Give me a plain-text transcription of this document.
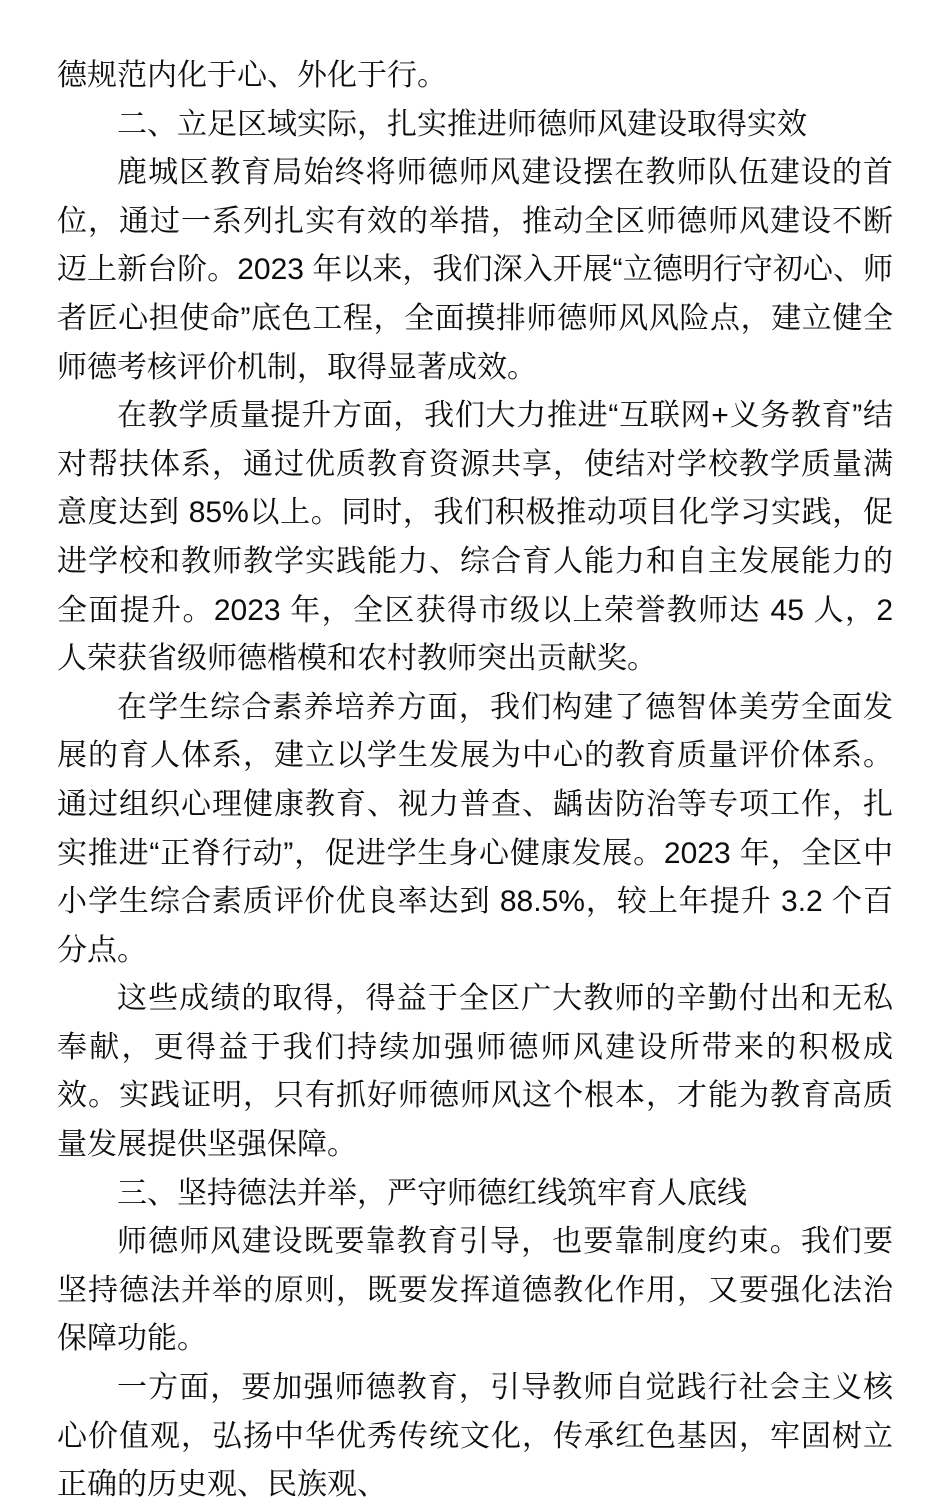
德规范内化于心、外化于行。

二、立足区域实际，扎实推进师德师风建设取得实效

鹿城区教育局始终将师德师风建设摆在教师队伍建设的首位，通过一系列扎实有效的举措，推动全区师德师风建设不断迈上新台阶。2023 年以来，我们深入开展“立德明行守初心、师者匠心担使命”底色工程，全面摸排师德师风风险点，建立健全师德考核评价机制，取得显著成效。

在教学质量提升方面，我们大力推进“互联网+义务教育”结对帮扶体系，通过优质教育资源共享，使结对学校教学质量满意度达到 85%以上。同时，我们积极推动项目化学习实践，促进学校和教师教学实践能力、综合育人能力和自主发展能力的全面提升。2023 年，全区获得市级以上荣誉教师达 45 人，2 人荣获省级师德楷模和农村教师突出贡献奖。

在学生综合素养培养方面，我们构建了德智体美劳全面发展的育人体系，建立以学生发展为中心的教育质量评价体系。通过组织心理健康教育、视力普查、龋齿防治等专项工作，扎实推进“正脊行动”，促进学生身心健康发展。2023 年，全区中小学生综合素质评价优良率达到 88.5%，较上年提升 3.2 个百分点。

这些成绩的取得，得益于全区广大教师的辛勤付出和无私奉献，更得益于我们持续加强师德师风建设所带来的积极成效。实践证明，只有抓好师德师风这个根本，才能为教育高质量发展提供坚强保障。

三、坚持德法并举，严守师德红线筑牢育人底线

师德师风建设既要靠教育引导，也要靠制度约束。我们要坚持德法并举的原则，既要发挥道德教化作用，又要强化法治保障功能。

一方面，要加强师德教育，引导教师自觉践行社会主义核心价值观，弘扬中华优秀传统文化，传承红色基因，牢固树立正确的历史观、民族观、
